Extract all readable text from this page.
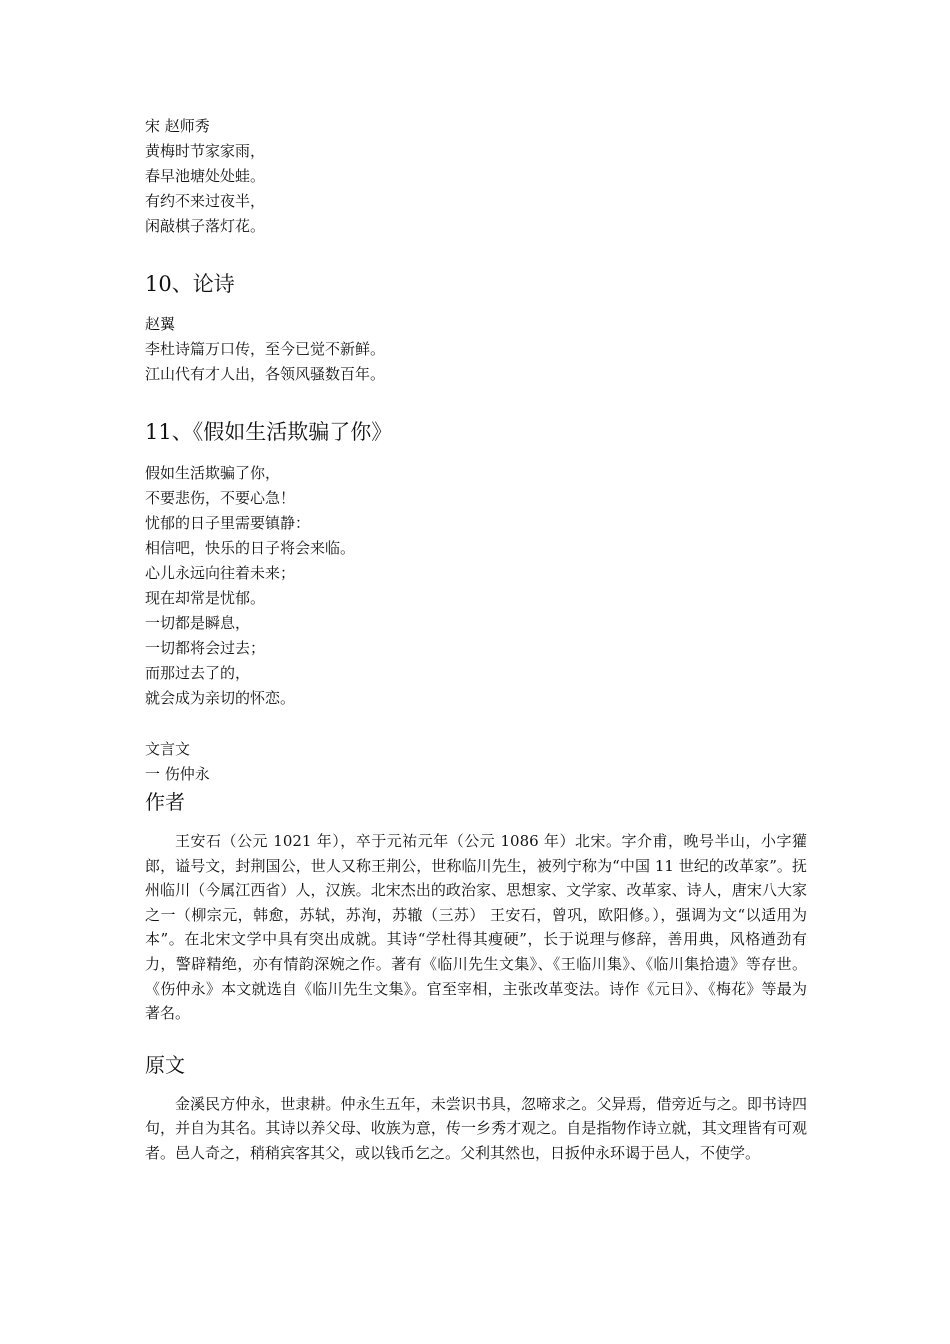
宋 赵师秀

黄梅时节家家雨，

春早池塘处处蛙。

有约不来过夜半，

闲敲棋子落灯花。

10、论诗

赵翼

李杜诗篇万口传，至今已觉不新鲜。

江山代有才人出，各领风骚数百年。

11、《假如生活欺骗了你》

假如生活欺骗了你，

不要悲伤，不要心急！

忧郁的日子里需要镇静：

相信吧，快乐的日子将会来临。

心儿永远向往着未来；

现在却常是忧郁。

一切都是瞬息，

一切都将会过去；

而那过去了的，

就会成为亲切的怀恋。

文言文

一 伤仲永

作者

王安石（公元 1021 年），卒于元祐元年（公元 1086 年）北宋。字介甫，晚号半山，小字獾郎，谥号文，封荆国公，世人又称王荆公，世称临川先生，被列宁称为“中国 11 世纪的改革家”。抚州临川（今属江西省）人，汉族。北宋杰出的政治家、思想家、文学家、改革家、诗人，唐宋八大家之一（柳宗元，韩愈，苏轼，苏洵，苏辙（三苏） 王安石，曾巩，欧阳修。），强调为文“以适用为本”。在北宋文学中具有突出成就。其诗“学杜得其瘦硬”，长于说理与修辞，善用典，风格遒劲有力，警辟精绝，亦有情韵深婉之作。著有《临川先生文集》、《王临川集》、《临川集拾遗》等存世。《伤仲永》本文就选自《临川先生文集》。官至宰相，主张改革变法。诗作《元日》、《梅花》等最为著名。

原文

金溪民方仲永，世隶耕。仲永生五年，未尝识书具，忽啼求之。父异焉，借旁近与之。即书诗四句，并自为其名。其诗以养父母、收族为意，传一乡秀才观之。自是指物作诗立就，其文理皆有可观者。邑人奇之，稍稍宾客其父，或以钱币乞之。父利其然也，日扳仲永环谒于邑人，不使学。
